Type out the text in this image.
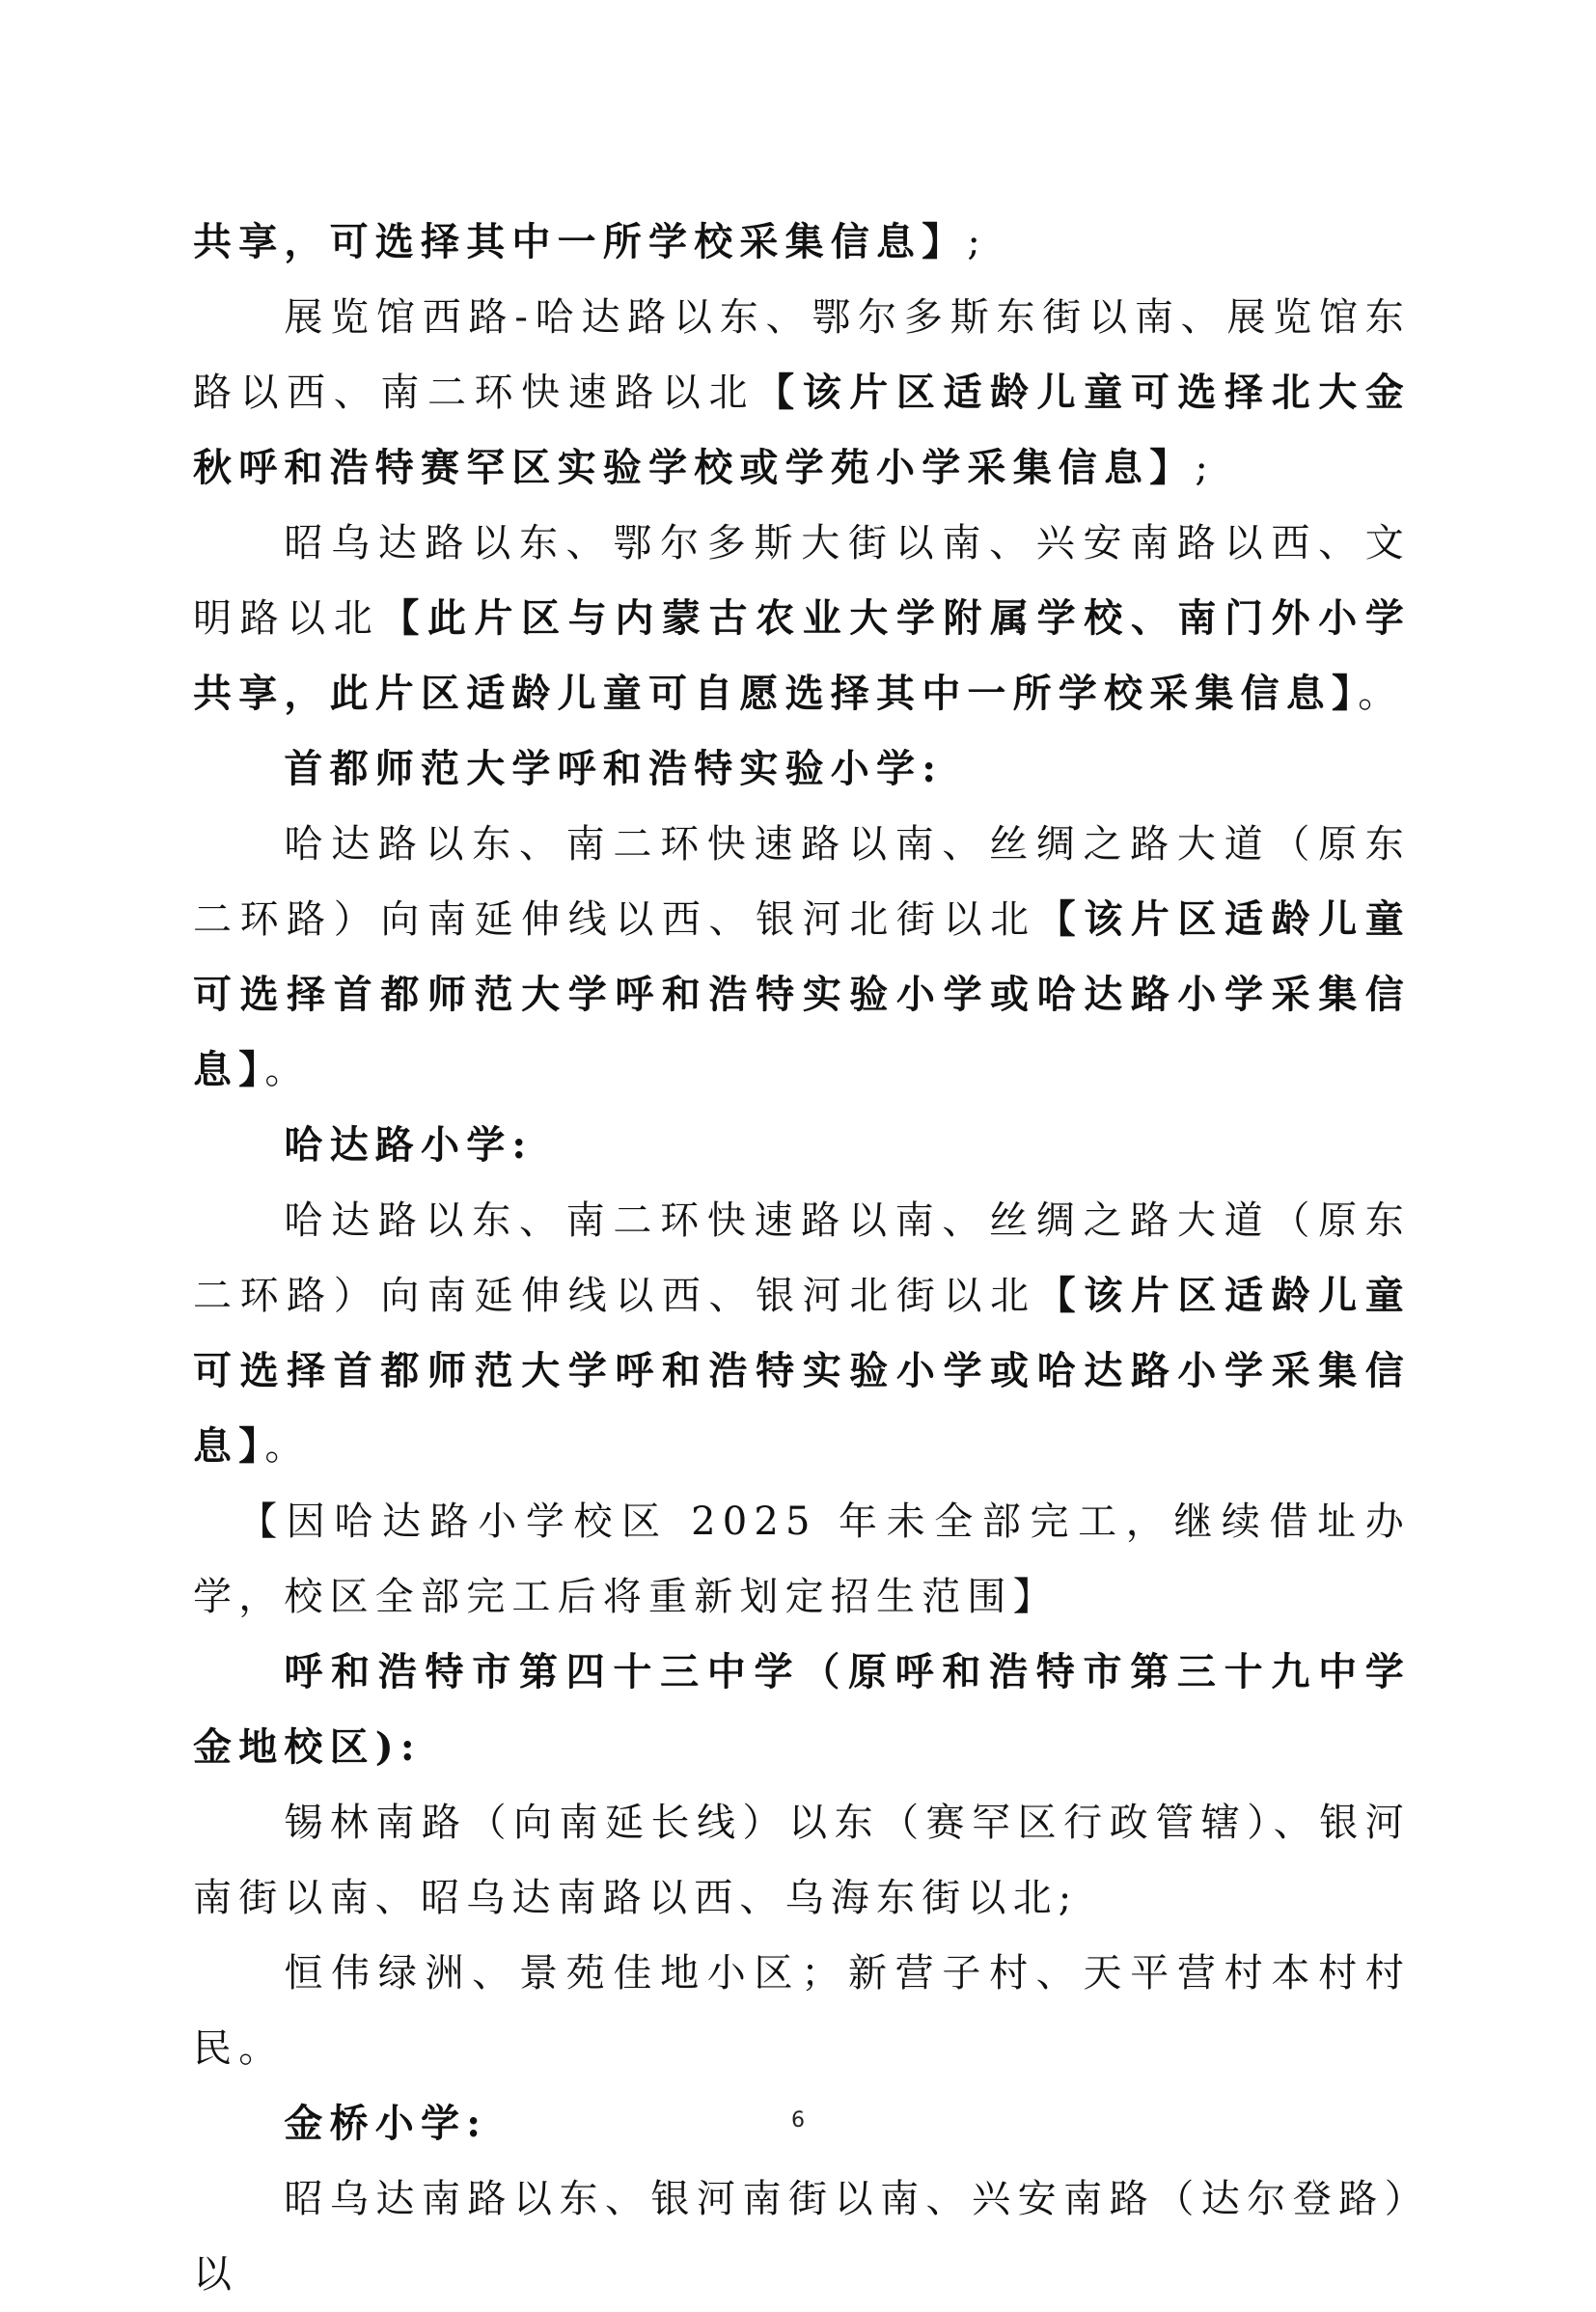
共享，可选择其中一所学校采集信息】;

展览馆西路-哈达路以东、鄂尔多斯东街以南、展览馆东路以西、南二环快速路以北【该片区适龄儿童可选择北大金秋呼和浩特赛罕区实验学校或学苑小学采集信息】;

昭乌达路以东、鄂尔多斯大街以南、兴安南路以西、文明路以北【此片区与内蒙古农业大学附属学校、南门外小学共享，此片区适龄儿童可自愿选择其中一所学校采集信息】。

首都师范大学呼和浩特实验小学:

哈达路以东、南二环快速路以南、丝绸之路大道（原东二环路）向南延伸线以西、银河北街以北【该片区适龄儿童可选择首都师范大学呼和浩特实验小学或哈达路小学采集信息】。

哈达路小学:

哈达路以东、南二环快速路以南、丝绸之路大道（原东二环路）向南延伸线以西、银河北街以北【该片区适龄儿童可选择首都师范大学呼和浩特实验小学或哈达路小学采集信息】。

【因哈达路小学校区 2025 年未全部完工，继续借址办学，校区全部完工后将重新划定招生范围】

呼和浩特市第四十三中学（原呼和浩特市第三十九中学金地校区):

锡林南路（向南延长线）以东（赛罕区行政管辖）、银河南街以南、昭乌达南路以西、乌海东街以北;

恒伟绿洲、景苑佳地小区；新营子村、天平营村本村村民。

金桥小学:

昭乌达南路以东、银河南街以南、兴安南路（达尔登路）以

6
